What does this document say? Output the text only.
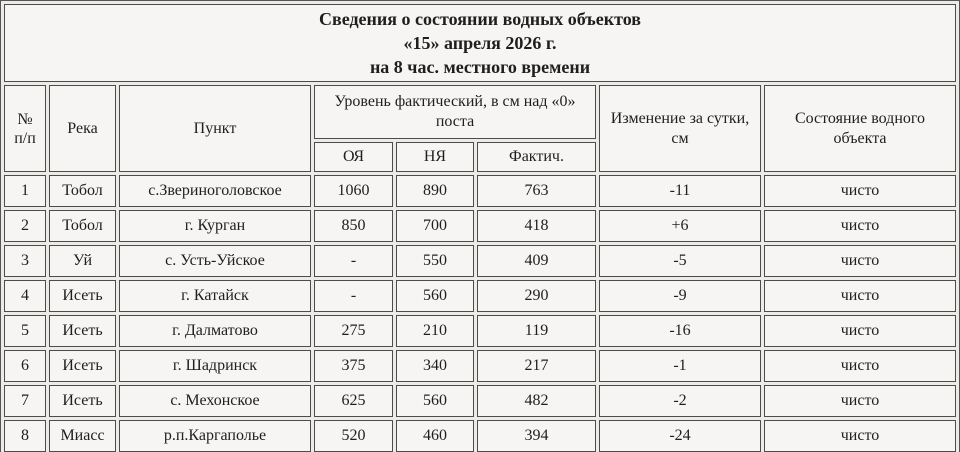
Сведения о состоянии водных объектов
«15» апреля 2026 г.
на 8 час. местного времени							

№
п/п	Река	Пункт	Уровень фактический, в см над «0» поста			Изменение за сутки, см	Состояние водного объекта
			ОЯ	НЯ	Фактич.		
1	Тобол	с.Звериноголовское	1060	890	763	-11	чисто
2	Тобол	г. Курган	850	700	418	+6	чисто
3	Уй	с. Усть-Уйское	-	550	409	-5	чисто
4	Исеть	г. Катайск	-	560	290	-9	чисто
5	Исеть	г. Далматово	275	210	119	-16	чисто
6	Исеть	г. Шадринск	375	340	217	-1	чисто
7	Исеть	с. Мехонское	625	560	482	-2	чисто
8	Миасс	р.п.Каргаполье	520	460	394	-24	чисто
